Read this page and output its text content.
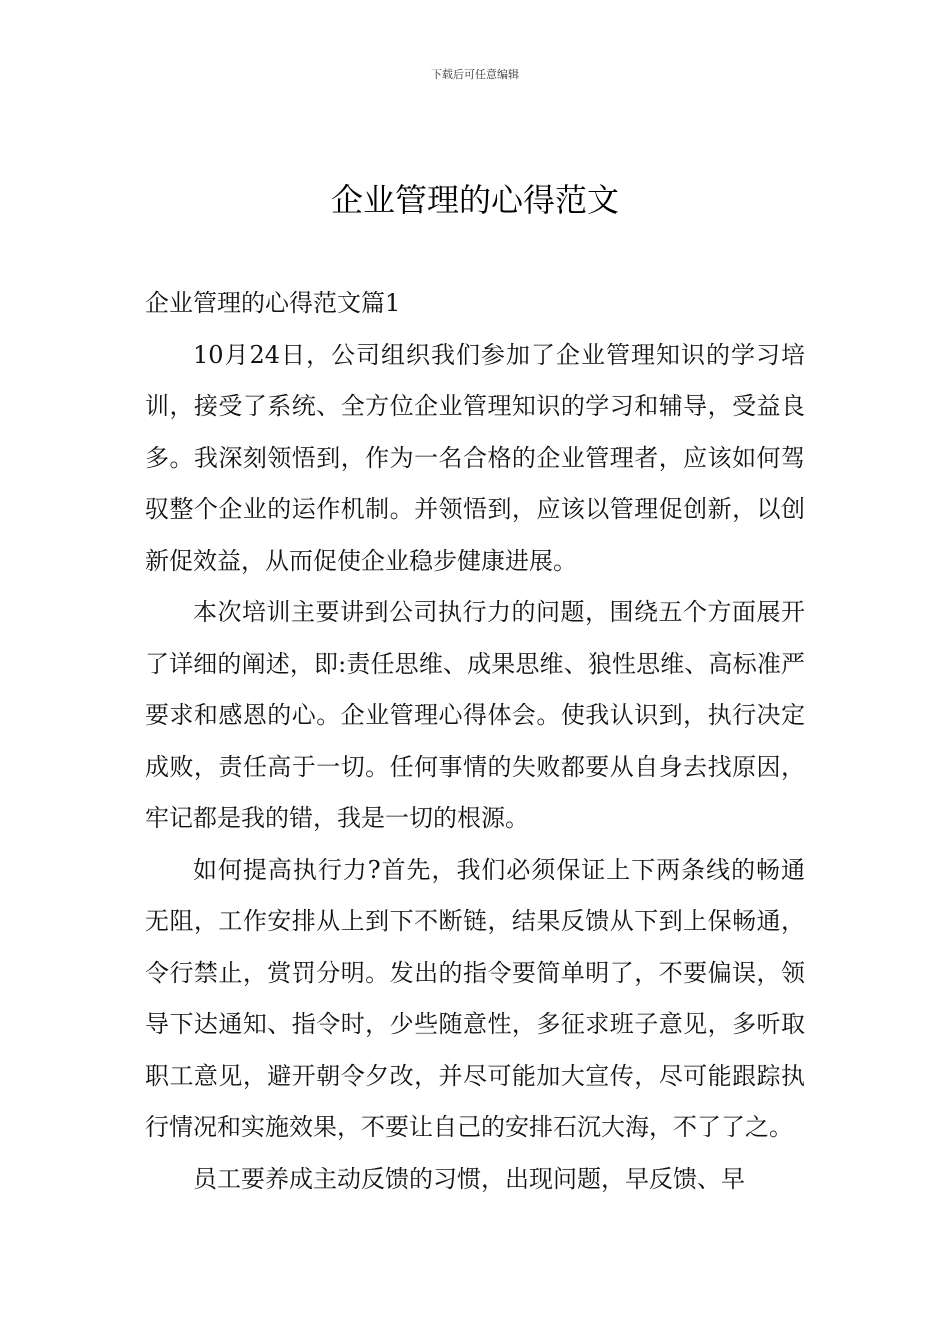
下载后可任意编辑
企业管理的心得范文
企业管理的心得范文篇1

10月24日，公司组织我们参加了企业管理知识的学习培训，接受了系统、全方位企业管理知识的学习和辅导，受益良多。我深刻领悟到，作为一名合格的企业管理者，应该如何驾驭整个企业的运作机制。并领悟到，应该以管理促创新，以创新促效益，从而促使企业稳步健康进展。

本次培训主要讲到公司执行力的问题，围绕五个方面展开了详细的阐述，即:责任思维、成果思维、狼性思维、高标准严要求和感恩的心。企业管理心得体会。使我认识到，执行决定成败，责任高于一切。任何事情的失败都要从自身去找原因，牢记都是我的错，我是一切的根源。

如何提高执行力?首先，我们必须保证上下两条线的畅通无阻，工作安排从上到下不断链，结果反馈从下到上保畅通，令行禁止，赏罚分明。发出的指令要简单明了，不要偏误，领导下达通知、指令时，少些随意性，多征求班子意见，多听取职工意见，避开朝令夕改，并尽可能加大宣传，尽可能跟踪执行情况和实施效果，不要让自己的安排石沉大海，不了了之。

员工要养成主动反馈的习惯，出现问题，早反馈、早
